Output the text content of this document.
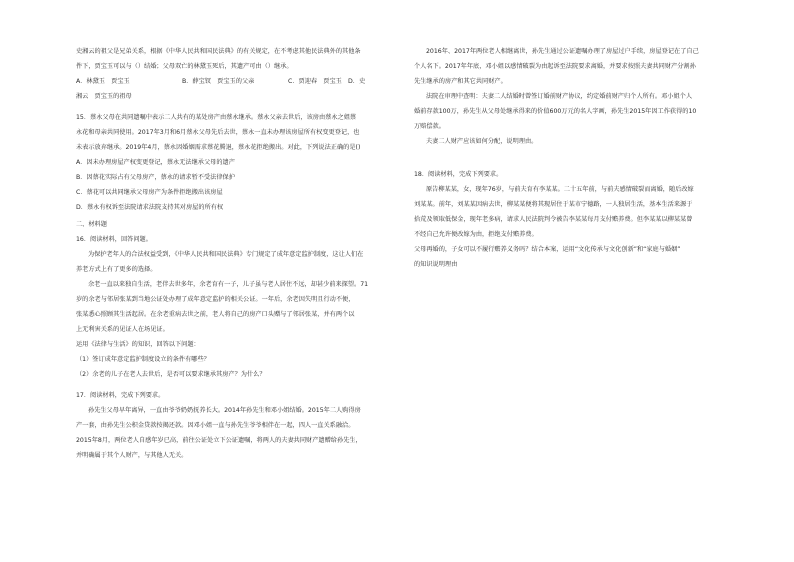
史湘云的祖父是兄弟关系，根据《中华人民共和国民法典》的有关规定，在不考虑其他民法典外的其他条

件下，贾宝玉可以与（）结婚；父母双亡的林黛玉死后，其遗产可由（）继承。

A．林黛玉　贾宝玉	B．薛宝钗　贾宝玉的父亲	C．贾迎春　贾宝玉　D．史

湘云　贾宝玉的祖母

15．蔡永父母在共同遗嘱中表示二人共有的某处房产由蔡永继承。蔡永父亲去世后，该房由蔡永之姐蔡

永花和母亲共同使用。2017年3月和6月蔡永父母先后去世，蔡永一直未办理该房屋所有权变更登记，也

未表示放弃继承。2019年4月，蔡永因婚姻需求蔡花腾退，蔡永花拒绝搬出。对此，下列说法正确的是()

A．因未办理房屋产权变更登记，蔡永无法继承父母的遗产

B．因蔡花实际占有父母房产，蔡永的请求暂不受法律保护

C．蔡花可以共同继承父母房产为条件拒绝搬出该房屋

D．蔡永有权诉至法院请求法院支持其对房屋的所有权

二、材料题

16．阅读材料，回答问题。

为保护老年人的合法权益受到，《中华人民共和国民法典》专门规定了成年意定监护制度，这让人们在

养老方式上有了更多的选择。

余老一直以来独自生活，老伴去世多年，余老育有一子，儿子虽与老人居住不远，却甚少前来探望。71

岁的余老与邻居张某到当地公证处办理了成年意定监护的相关公证。一年后，余老因失明且行动不便，

张某悉心照顾其生活起居。在余老重病去世之前，老人将自己的房产口头赠与了邻居张某，并有两个以

上无利害关系的见证人在场见证。

运用《法律与生活》的知识，回答以下问题：

（1）签订成年意定监护制度设立的条件有哪些？

（2）余老的儿子在老人去世后，是否可以要求继承其房产？为什么？

17．阅读材料，完成下列要求。

孙先生父母早年离异，一直由爷爷奶奶抚养长大。2014年孙先生和邓小姐结婚。2015年二人购得房

产一套，由孙先生公积金贷款按揭还款。因邓小姐一直与孙先生爷爷相伴在一起，四人一直关系融洽。

2015年8月，两位老人自感年岁已高，前往公证处立下公证遗嘱，将两人的夫妻共同财产遗赠给孙先生，

并明确属于其个人财产，与其他人无关。

2016年、2017年两位老人相继离世，孙先生通过公证遗嘱办理了房屋过户手续，房屋登记在了自己

个人名下。2017年年底，邓小姐以感情破裂为由起诉至法院要求离婚，并要求按照夫妻共同财产分割孙

先生继承的房产和其它共同财产。

法院在审理中查明：夫妻二人结婚时曾签订婚前财产协议，约定婚前财产归个人所有。邓小姐个人

婚前存款100万，孙先生从父母处继承得来的价值600万元的名人字画，孙先生2015年因工作获得的10

万赔偿款。

夫妻二人财产应该如何分配，说明理由。

18．阅读材料，完成下列要求。

原告柳某某，女，现年76岁，与前夫育有李某某。二十五年前，与前夫感情破裂而离婚，随后改嫁

刘某某。前年，刘某某因病去世，柳某某便将其现居住于某市宁德路，一人独居生活，基本生活来源于

拾荒及领取低保金，现年老多病，请求人民法院判令被告李某某每月支付赡养费。但李某某以柳某某曾

不经自己允许便改嫁为由，拒绝支付赡养费。

父母再婚的，子女可以不履行赡养义务吗？结合本案，运用“文化传承与文化创新”和“家庭与婚姻”

的知识说明理由
